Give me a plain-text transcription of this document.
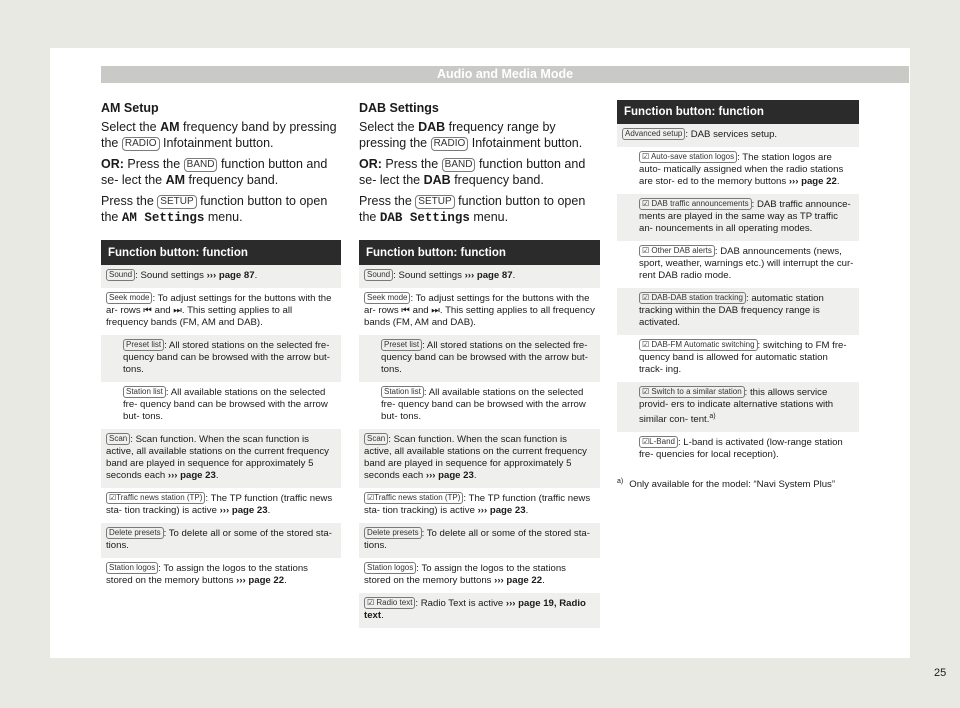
Audio and Media Mode
AM Setup

Select the AM frequency band by pressing the RADIO Infotainment button.

OR: Press the BAND function button and se- lect the AM frequency band.

Press the SETUP function button to open the AM Settings menu.

Function button: function
Sound : Sound settings ››› page 87.
Seek mode : To adjust settings for the buttons with the ar- rows ⏮ and ⏭. This setting applies to all frequency bands (FM, AM and DAB).
Preset list : All stored stations on the selected fre- quency band can be browsed with the arrow but- tons.
Station list : All available stations on the selected fre- quency band can be browsed with the arrow but- tons.
Scan : Scan function. When the scan function is active, all available stations on the current frequency band are played in sequence for approximately 5 seconds each ››› page 23.
☑Traffic news station (TP) : The TP function (traffic news sta- tion tracking) is active ››› page 23.
Delete presets : To delete all or some of the stored sta- tions.
Station logos : To assign the logos to the stations stored on the memory buttons ››› page 22.
DAB Settings

Select the DAB frequency range by pressing the RADIO Infotainment button.

OR: Press the BAND function button and se- lect the DAB frequency band.

Press the SETUP function button to open the DAB Settings menu.

Function button: function
Sound : Sound settings ››› page 87.
Seek mode : To adjust settings for the buttons with the ar- rows ⏮ and ⏭. This setting applies to all frequency bands (FM, AM and DAB).
Preset list : All stored stations on the selected fre- quency band can be browsed with the arrow but- tons.
Station list : All available stations on the selected fre- quency band can be browsed with the arrow but- tons.
Scan : Scan function. When the scan function is active, all available stations on the current frequency band are played in sequence for approximately 5 seconds each ››› page 23.
☑Traffic news station (TP) : The TP function (traffic news sta- tion tracking) is active ››› page 23.
Delete presets : To delete all or some of the stored sta- tions.
Station logos : To assign the logos to the stations stored on the memory buttons ››› page 22.
☑ Radio text : Radio Text is active ››› page 19, Radio text.
Function button: function
Advanced setup : DAB services setup.
☑ Auto-save station logos : The station logos are auto- matically assigned when the radio stations are stor- ed to the memory buttons ››› page 22.
☑ DAB traffic announcements : DAB traffic announce- ments are played in the same way as TP traffic an- nouncements in all operating modes.
☑ Other DAB alerts : DAB announcements (news, sport, weather, warnings etc.) will interrupt the cur- rent DAB radio mode.
☑ DAB-DAB station tracking : automatic station tracking within the DAB frequency range is activated.
☑ DAB-FM Automatic switching : switching to FM fre- quency band is allowed for automatic station track- ing.
☑ Switch to a similar station : this allows service provid- ers to indicate alternative stations with similar con- tent.$^{a)}$
☑L-Band : L-band is activated (low-range station fre- quencies for local reception).
$^{a)}$ Only available for the model: “Navi System Plus”
25
